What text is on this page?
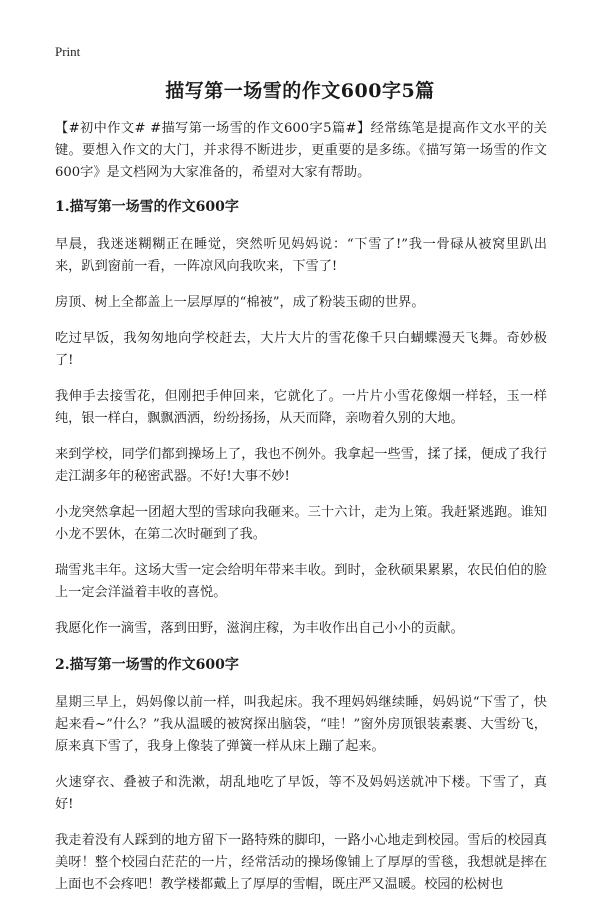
Print
描写第一场雪的作文600字5篇

【#初中作文# #描写第一场雪的作文600字5篇#】经常练笔是提高作文水平的关键。要想入作文的大门，并求得不断进步，更重要的是多练。《描写第一场雪的作文600字》是文档网为大家准备的，希望对大家有帮助。

1.描写第一场雪的作文600字

早晨，我迷迷糊糊正在睡觉，突然听见妈妈说：“下雪了!”我一骨碌从被窝里趴出来，趴到窗前一看，一阵凉风向我吹来，下雪了!

房顶、树上全都盖上一层厚厚的“棉被”，成了粉装玉砌的世界。

吃过早饭，我匆匆地向学校赶去，大片大片的雪花像千只白蝴蝶漫天飞舞。奇妙极了!

我伸手去接雪花，但刚把手伸回来，它就化了。一片片小雪花像烟一样轻，玉一样纯，银一样白，飘飘洒洒，纷纷扬扬，从天而降，亲吻着久别的大地。

来到学校，同学们都到操场上了，我也不例外。我拿起一些雪，揉了揉，便成了我行走江湖多年的秘密武器。不好!大事不妙!

小龙突然拿起一团超大型的雪球向我砸来。三十六计，走为上策。我赶紧逃跑。谁知小龙不罢休，在第二次时砸到了我。

瑞雪兆丰年。这场大雪一定会给明年带来丰收。到时，金秋硕果累累，农民伯伯的脸上一定会洋溢着丰收的喜悦。

我愿化作一滴雪，落到田野，滋润庄稼，为丰收作出自己小小的贡献。

2.描写第一场雪的作文600字

星期三早上，妈妈像以前一样，叫我起床。我不理妈妈继续睡，妈妈说“下雪了，快起来看~”什么？”我从温暖的被窝探出脑袋，“哇！”窗外房顶银装素裹、大雪纷飞，原来真下雪了，我身上像装了弹簧一样从床上蹦了起来。

火速穿衣、叠被子和洗漱，胡乱地吃了早饭，等不及妈妈送就冲下楼。下雪了，真好!

我走着没有人踩到的地方留下一路特殊的脚印，一路小心地走到校园。雪后的校园真美呀！整个校园白茫茫的一片，经常活动的操场像铺上了厚厚的雪毯，我想就是摔在上面也不会疼吧！教学楼都戴上了厚厚的雪帽，既庄严又温暖。校园的松树也
